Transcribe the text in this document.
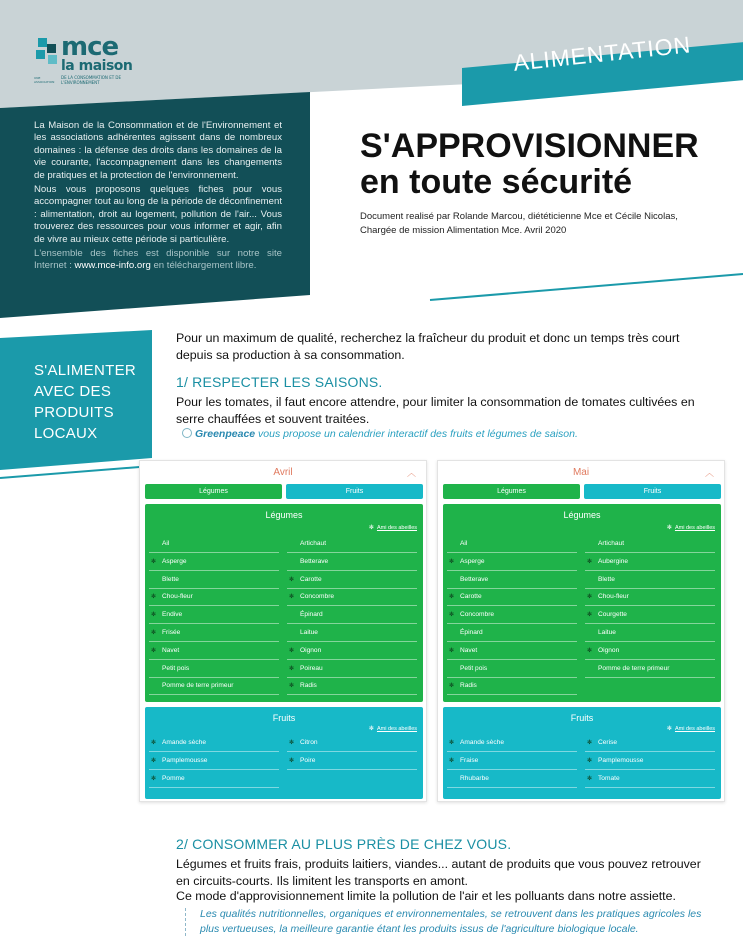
mce
la maison
DE LA CONSOMMATION ET DE L'ENVIRONNEMENT
UNE ASSOCIATION
ALIMENTATION

La Maison de la Consommation et de l'Environnement et les associations adhérentes agissent dans de nombreux domaines : la défense des droits dans les domaines de la vie courante, l'accompagnement dans les changements de pratiques et la protection de l'environnement.

Nous vous proposons quelques fiches pour vous accompagner tout au long de la période de déconfinement : alimentation, droit au logement, pollution de l'air... Vous trouverez des ressources pour vous informer et agir, afin de vivre au mieux cette période si particulière.

L'ensemble des fiches est disponible sur notre site Internet : www.mce-info.org en téléchargement libre.

S'APPROVISIONNER
en toute sécurité
Document realisé par Rolande Marcou, diététicienne Mce et Cécile Nicolas,
Chargée de mission Alimentation Mce. Avril 2020
S'ALIMENTER
AVEC DES
PRODUITS
LOCAUX
Pour un maximum de qualité, recherchez la fraîcheur du produit et donc un temps très court depuis sa production à sa consommation.
1/ RESPECTER LES SAISONS.
Pour les tomates, il faut encore attendre, pour limiter la consommation de tomates cultivées en serre chauffées et souvent traitées.
Greenpeace vous propose un calendrier interactif des fruits et légumes de saison.
Avril	︿
Légumes	Fruits
Légumes
✻ Ami des abeilles
Ail	Artichaut
✻ Asperge	Betterave
Blette	✻ Carotte
✻ Chou-fleur	✻ Concombre
✻ Endive	Épinard
✻ Frisée	Laitue
✻ Navet	✻ Oignon
Petit pois	✻ Poireau
Pomme de terre primeur	✻ Radis
Fruits
✻ Ami des abeilles
✻ Amande sèche	✻ Citron
✻ Pamplemousse	✻ Poire
✻ Pomme
Mai	︿
Légumes	Fruits
Légumes
✻ Ami des abeilles
Ail	Artichaut
✻ Asperge	✻ Aubergine
Betterave	Blette
✻ Carotte	✻ Chou-fleur
✻ Concombre	✻ Courgette
Épinard	Laitue
✻ Navet	✻ Oignon
Petit pois	Pomme de terre primeur
✻ Radis
Fruits
✻ Ami des abeilles
✻ Amande sèche	✻ Cerise
✻ Fraise	✻ Pamplemousse
Rhubarbe	✻ Tomate
2/ CONSOMMER AU PLUS PRÈS DE CHEZ VOUS.
Légumes et fruits frais, produits laitiers, viandes... autant de produits que vous pouvez retrouver en circuits-courts. Ils limitent les transports en amont.
Ce mode d'approvisionnement limite la pollution de l'air et les polluants dans notre assiette.
Les qualités nutritionnelles, organiques et environnementales, se retrouvent dans les pratiques agricoles les plus vertueuses, la meilleure garantie étant les produits issus de l'agriculture biologique locale.
